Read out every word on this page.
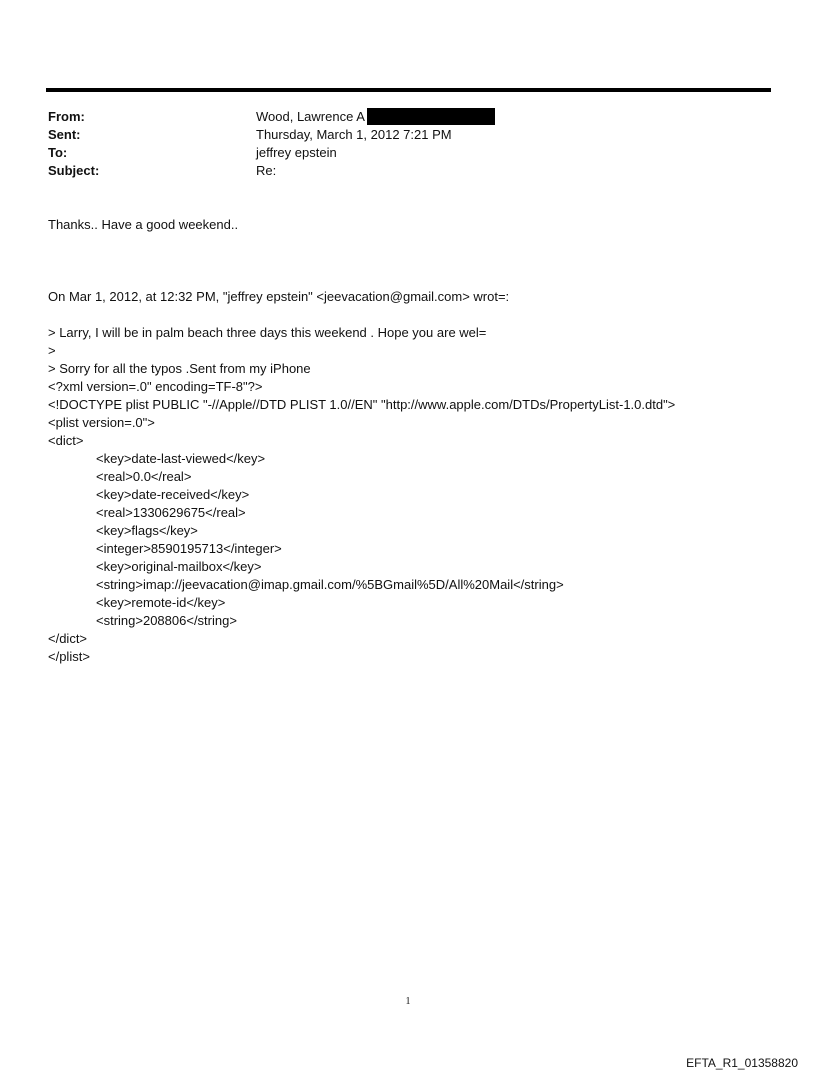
From:	Wood, Lawrence A
Sent:	Thursday, March 1, 2012 7:21 PM
To:	jeffrey epstein
Subject:	Re:
Thanks.. Have a good weekend..
On Mar 1, 2012, at 12:32 PM, "jeffrey epstein" <jeevacation@gmail.com> wrot=:
> Larry, I will be in palm beach three days this weekend . Hope you are wel=
>
> Sorry for all the typos .Sent from my iPhone
<?xml version=.0" encoding=TF-8"?>
<!DOCTYPE plist PUBLIC "-//Apple//DTD PLIST 1.0//EN" "http://www.apple.com/DTDs/PropertyList-1.0.dtd">
<plist version=.0">
<dict>
<key>date-last-viewed</key>
<real>0.0</real>
<key>date-received</key>
<real>1330629675</real>
<key>flags</key>
<integer>8590195713</integer>
<key>original-mailbox</key>
<string>imap://jeevacation@imap.gmail.com/%5BGmail%5D/All%20Mail</string>
<key>remote-id</key>
<string>208806</string>
</dict>
</plist>
1
EFTA_R1_01358820
